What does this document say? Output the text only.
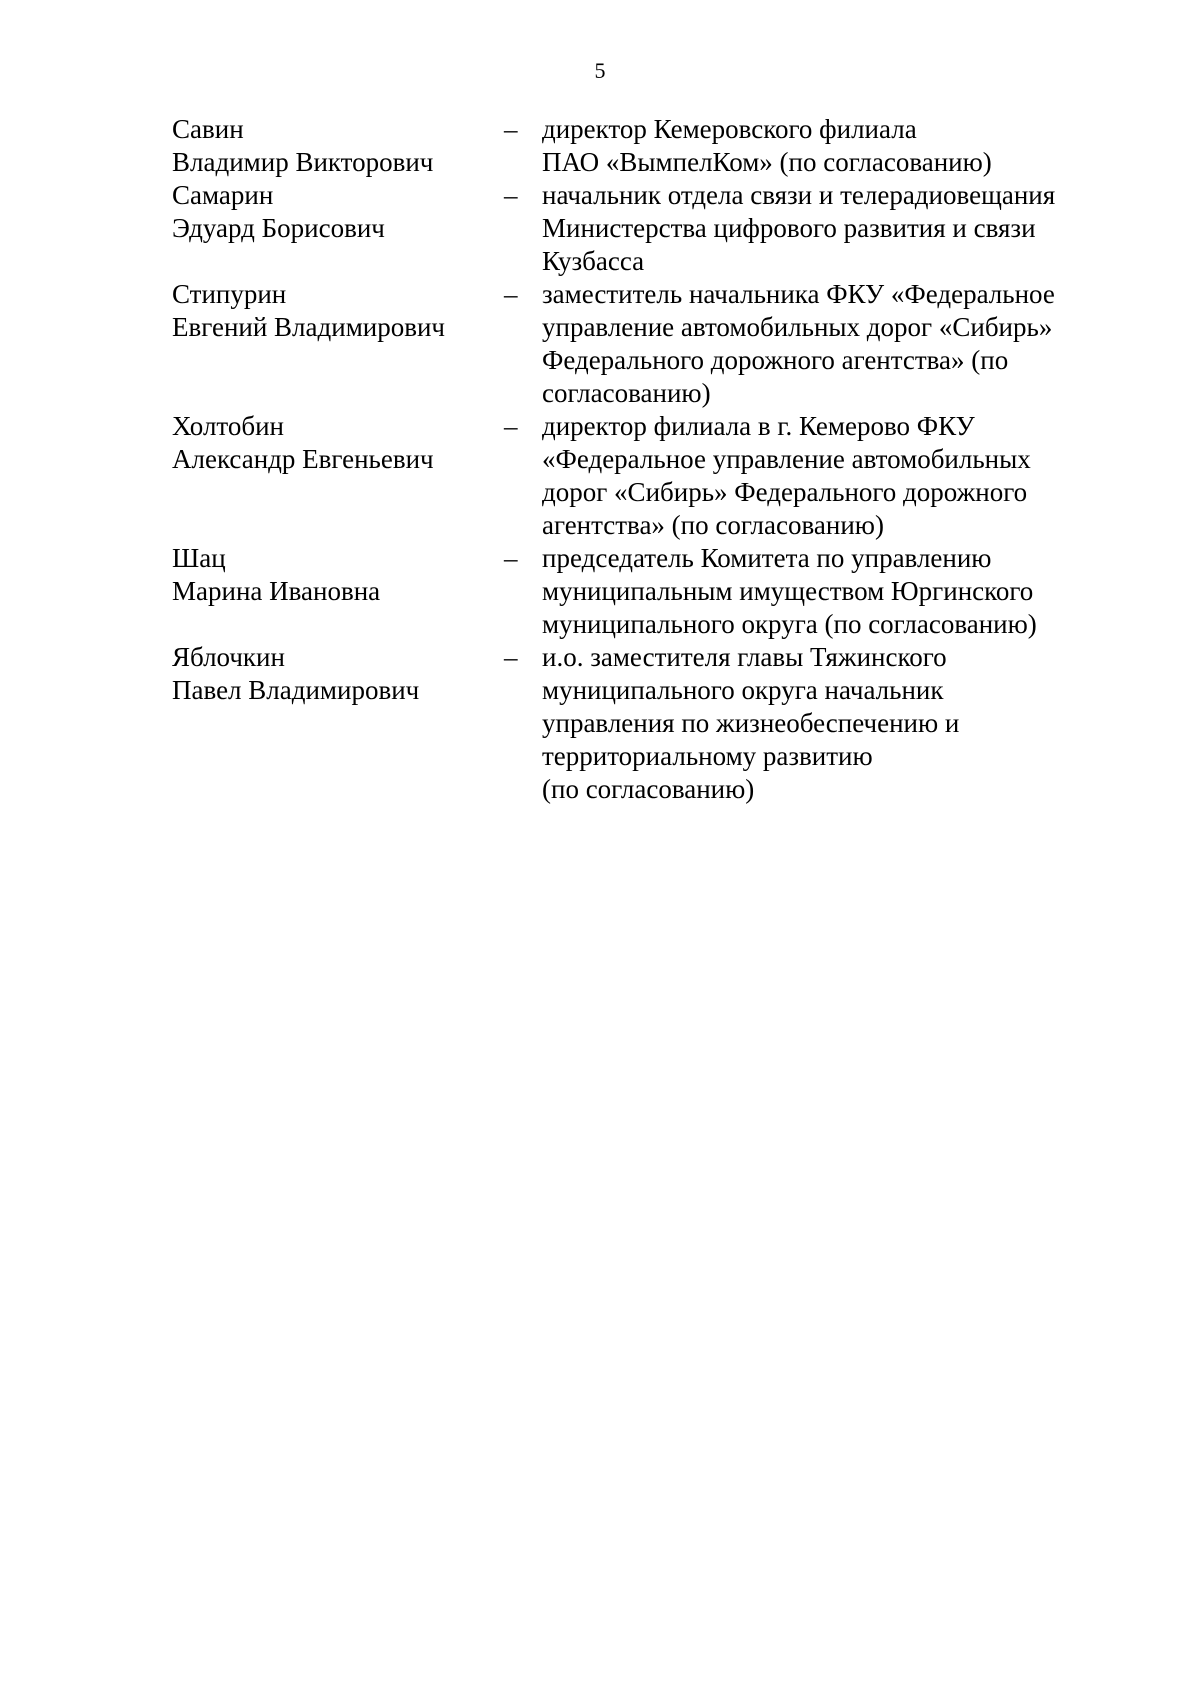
5
Савин
Владимир Викторович
– директор Кемеровского филиала
ПАО «ВымпелКом» (по согласованию)
Самарин
Эдуард Борисович
– начальник отдела связи и телерадиовещания
Министерства цифрового развития и связи
Кузбасса
Стипурин
Евгений Владимирович
– заместитель начальника ФКУ «Федеральное
управление автомобильных дорог «Сибирь»
Федерального дорожного агентства» (по
согласованию)
Холтобин
Александр Евгеньевич
– директор филиала в г. Кемерово ФКУ
«Федеральное управление автомобильных
дорог «Сибирь» Федерального дорожного
агентства» (по согласованию)
Шац
Марина Ивановна
– председатель Комитета по управлению
муниципальным имуществом Юргинского
муниципального округа (по согласованию)
Яблочкин
Павел Владимирович
– и.о. заместителя главы Тяжинского
муниципального округа начальник
управления по жизнеобеспечению и
территориальному развитию
(по согласованию)
